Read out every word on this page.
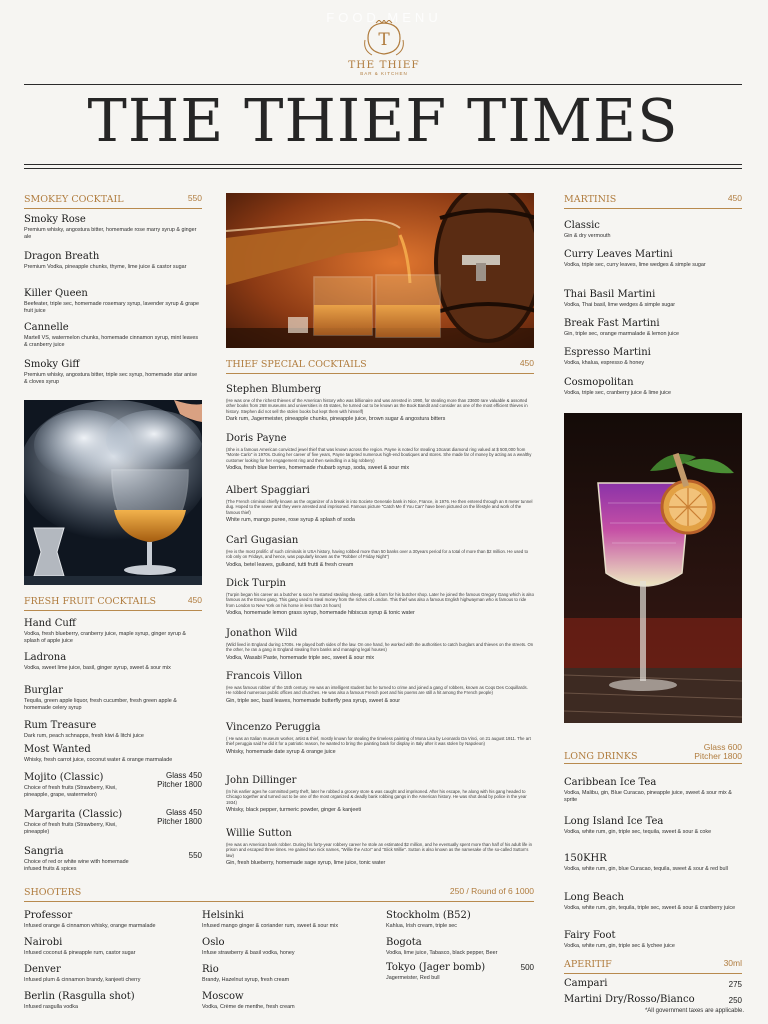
FOOD MENU
T
THE THIEF
BAR & KITCHEN
THE THIEF TIMES
SMOKEY COCKTAIL	550
Smoky Rose
Premium whisky, angostura bitter, homemade rose marry syrup & ginger ale
Dragon Breath
Premium Vodka, pineapple chunks, thyme, lime juice & castor sugar
Killer Queen
Beefeater, triple sec, homemade rosemary syrup, lavender syrup & grape fruit juice
Cannelle
Martell VS, watermelon chunks, homemade cinnamon syrup, mint leaves & cranberry juice
Smoky Giff
Premium whisky, angostura bitter, triple sec syrup, homemade star anise & cloves syrup
FRESH FRUIT COCKTAILS	450
Hand Cuff
Vodka, fresh blueberry, cranberry juice, maple syrup, ginger syrup & splash of apple juice
Ladrona
Vodka, sweet lime juice, basil, ginger syrup, sweet & sour mix
Burglar
Tequila, green apple liquor, fresh cucumber, fresh green apple & homemade celery syrup
Rum Treasure
Dark rum, peach schnapps, fresh kiwi & litchi juice
Most Wanted
Whisky, fresh carrot juice, coconut water & orange marmalade
Mojito (Classic)
Choice of fresh fruits (Strawberry, Kiwi, pineapple, grape, watermelon)
Glass 450
Pitcher 1800
Margarita (Classic)
Choice of fresh fruits (Strawberry, Kiwi, pineapple)
Glass 450
Pitcher 1800
Sangria
Choice of red or white wine with homemade infused fruits & spices
550
THIEF SPECIAL COCKTAILS	450
Stephen Blumberg
(He was one of the richest thieves of the American history who was billionaire and was arrested in 1990, for stealing more than 23600 rare valuable & assorted other books from 268 museums and universities in 45 states, he turned out to be known as the Book Bandit and consider as one of the most efficient thieves in history. Stephen did not sell the stolen books but kept them with himself)
Dark rum, Jagermeister, pineapple chunks, pineapple juice, brown sugar & angostura bitters
Doris Payne
(She is a famous American convicted jewel thief that was known across the region. Payne is noted for stealing 10carat diamond ring valued at $ 500,000 from "Monte Carlo" in 1970s. During her career of five years, Payne targeted numerous high-end boutiques and stores. She made far of money by acting as a wealthy customer looking for her engagement ring and then swindling in a big robbery)
Vodka, fresh blue berries, homemade rhubarb syrup, soda, sweet & sour mix
Albert Spaggiari
(The French criminal chiefly known as the organizer of a break in into Societe Generale bank in Nice, France, in 1976. He then entered through an 8 meter tunnel dug. Hoped to the sewer and they were arrested and imprisoned. Famous picture "Catch Me If You Can" have been pictured on the lifestyle and work of the famous thief)
White rum, mango puree, rose syrup & splash of soda
Carl Gugasian
(He is the most prolific of such criminals in USA history, having robbed more than 50 banks over a 30years period for a total of more than $2 million. He used to rob only on Fridays, and hence, was popularly known as the "Robber of Friday Night")
Vodka, betel leaves, gulkand, tutti frutti & fresh cream
Dick Turpin
(Turpin began his career as a butcher & soon he started stealing sheep, cattle & farm for his butcher shop. Later he joined the famous Gregory Gang which is also famous as the Essex gang. This gang used to steal money from the riches of London. This thief was also a famous English highwayman who is famous to ride from London to New York on his horse in less than 24 hours)
Vodka, homemade lemon grass syrup, homemade hibiscus syrup & tonic water
Jonathon Wild
(Wild lived in England during 1700s. He played both sides of the law. On one hand, he worked with the authorities to catch burglars and thieves on the streets. On the other, he ran a gang in England stealing from banks and managing legal houses)
Vodka, Wasabi Paste, homemade triple sec, sweet & sour mix
Francois Villon
(He was famous robber of the 15th century. He was an intelligent student but he turned to crime and joined a gang of robbers, known as Coqs Des Coquillards. He robbed numerous public offices and churches. He was also a famous French poet and his poems are still a hit among the French people)
Gin, triple sec, basil leaves, homemade butterfly pea syrup, sweet & sour
Vincenzo Peruggia
( He was an Italian museum worker, artist & thief, mostly known for stealing the timeless painting of Mona Lisa by Leonardo Da Vinci, on 21 august 1911. The art thief peruggia said he did it for a patriotic reason, he wanted to bring the painting back for display in Italy after it was stolen by Napoleon)
Whisky, homemade date syrup & orange juice
John Dillinger
(In his earlier ages he committed petty theft, later he robbed a grocery store & was caught and imprisoned. After his escape, he along with his gang headed to Chicago together and turned out to be one of the most organized & deadly bank robbing gangs in the American history. He was shot dead by police in the year 1934)
Whisky, black pepper, turmeric powder, ginger & kanjeeti
Willie Sutton
(He was an American bank robber. During his forty-year robbery career he stole an estimated $2 million, and he eventually spent more than half of his adult life in prison and escaped three times. He gained two nick names, "Willie the Actor" and "Slick Willie". Sutton is also known as the namesake of the so-called Sutton's law)
Gin, fresh blueberry, homemade sage syrup, lime juice, tonic water
MARTINIS	450
Classic
Gin & dry vermouth
Curry Leaves Martini
Vodka, triple sec, curry leaves, lime wedges & simple sugar
Thai Basil Martini
Vodka, Thai basil, lime wedges & simple sugar
Break Fast Martini
Gin, triple sec, orange marmalade & lemon juice
Espresso Martini
Vodka, khalua, espresso & honey
Cosmopolitan
Vodka, triple sec, cranberry juice & lime juice
LONG DRINKS
Glass 600
Pitcher 1800
Caribbean Ice Tea
Vodka, Malibu, gin, Blue Curacao, pineapple juice, sweet & sour mix & sprite
Long Island Ice Tea
Vodka, white rum, gin, triple sec, tequila, sweet & sour & coke
150KHR
Vodka, white rum, gin, blue Curacao, tequila, sweet & sour & red bull
Long Beach
Vodka, white rum, gin, tequila, triple sec, sweet & sour & cranberry juice
Fairy Foot
Vodka, white rum, gin, triple sec & lychee juice
APERITIF	30ml
Campari	275
Martini Dry/Rosso/Bianco	250
SHOOTERS	250 / Round of 6 1000
Professor
Infused orange & cinnamon whisky, orange marmalade
Nairobi
Infused coconut & pineapple rum, castor sugar
Denver
Infused plum & cinnamon brandy, kanjeeti cherry
Berlin (Rasgulla shot)
Infused rasgulla vodka
Helsinki
Infused mango ginger & coriander rum, sweet & sour mix
Oslo
Infuse strawberry & basil vodka, honey
Rio
Brandy, Hazelnut syrup, fresh cream
Moscow
Vodka, Crème de menthe, fresh cream
Stockholm (B52)
Kahlua, Irish cream, triple sec
Bogota
Vodka, lime juice, Tabasco, black pepper, Beer
Tokyo (Jager bomb)
Jagermeister, Red bull
500
*All government taxes are applicable.
